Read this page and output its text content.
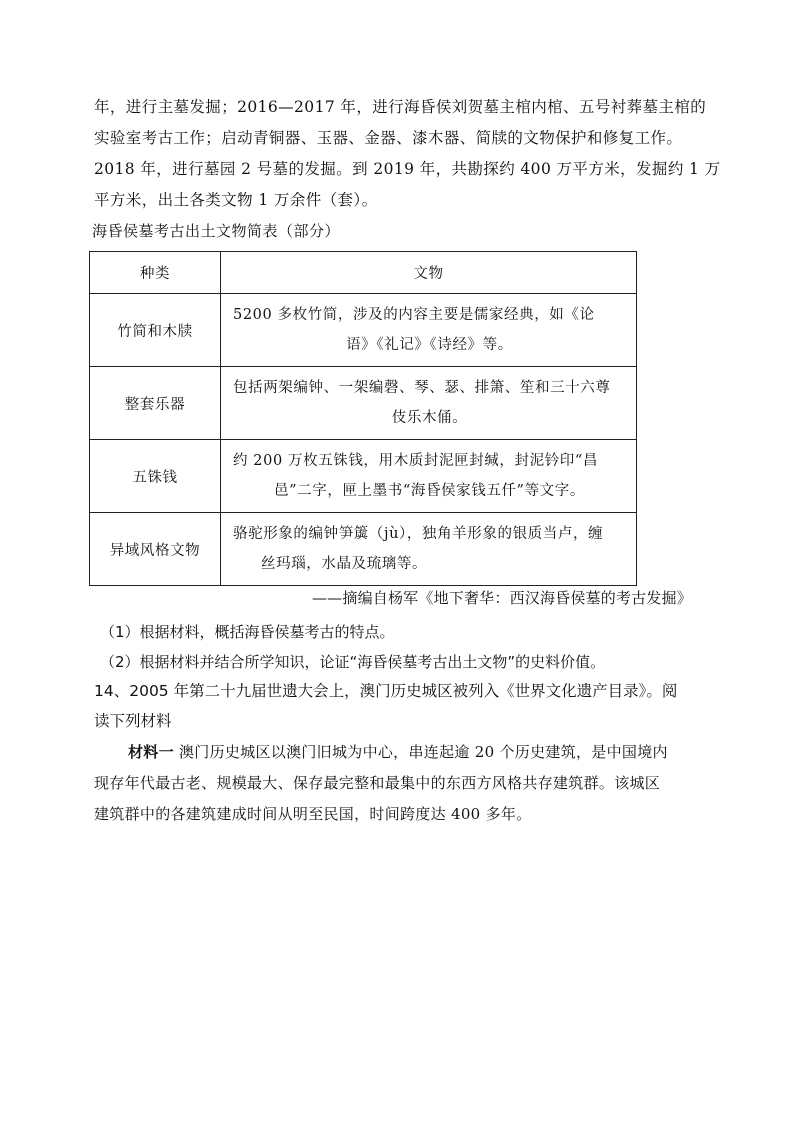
年，进行主墓发掘；2016—2017 年，进行海昏侯刘贺墓主棺内棺、五号衬葬墓主棺的
实验室考古工作；启动青铜器、玉器、金器、漆木器、简牍的文物保护和修复工作。
2018 年，进行墓园 2 号墓的发掘。到 2019 年，共勘探约 400 万平方米，发掘约 1 万
平方米，出土各类文物 1 万余件（套）。
海昏侯墓考古出土文物简表（部分）
种类	文物
竹简和木牍	5200 多枚竹简，涉及的内容主要是儒家经典，如《论
语》《礼记》《诗经》等。

整套乐器	包括两架编钟、一架编磬、琴、瑟、排箫、笙和三十六尊
伎乐木俑。

五铢钱	约 200 万枚五铢钱，用木质封泥匣封缄，封泥钤印“昌
邑”二字，匣上墨书“海昏侯家钱五仟”等文字。

异域风格文物	骆驼形象的编钟笋簴（jù），独角羊形象的银质当卢，缠
丝玛瑙，水晶及琉璃等。
——摘编自杨军《地下奢华：西汉海昏侯墓的考古发掘》
（1）根据材料，概括海昏侯墓考古的特点。
（2）根据材料并结合所学知识，论证“海昏侯墓考古出土文物”的史料价值。
14、2005 年第二十九届世遗大会上，澳门历史城区被列入《世界文化遗产目录》。阅
读下列材料
材料一 澳门历史城区以澳门旧城为中心，串连起逾 20 个历史建筑，是中国境内
现存年代最古老、规模最大、保存最完整和最集中的东西方风格共存建筑群。该城区
建筑群中的各建筑建成时间从明至民国，时间跨度达 400 多年。
